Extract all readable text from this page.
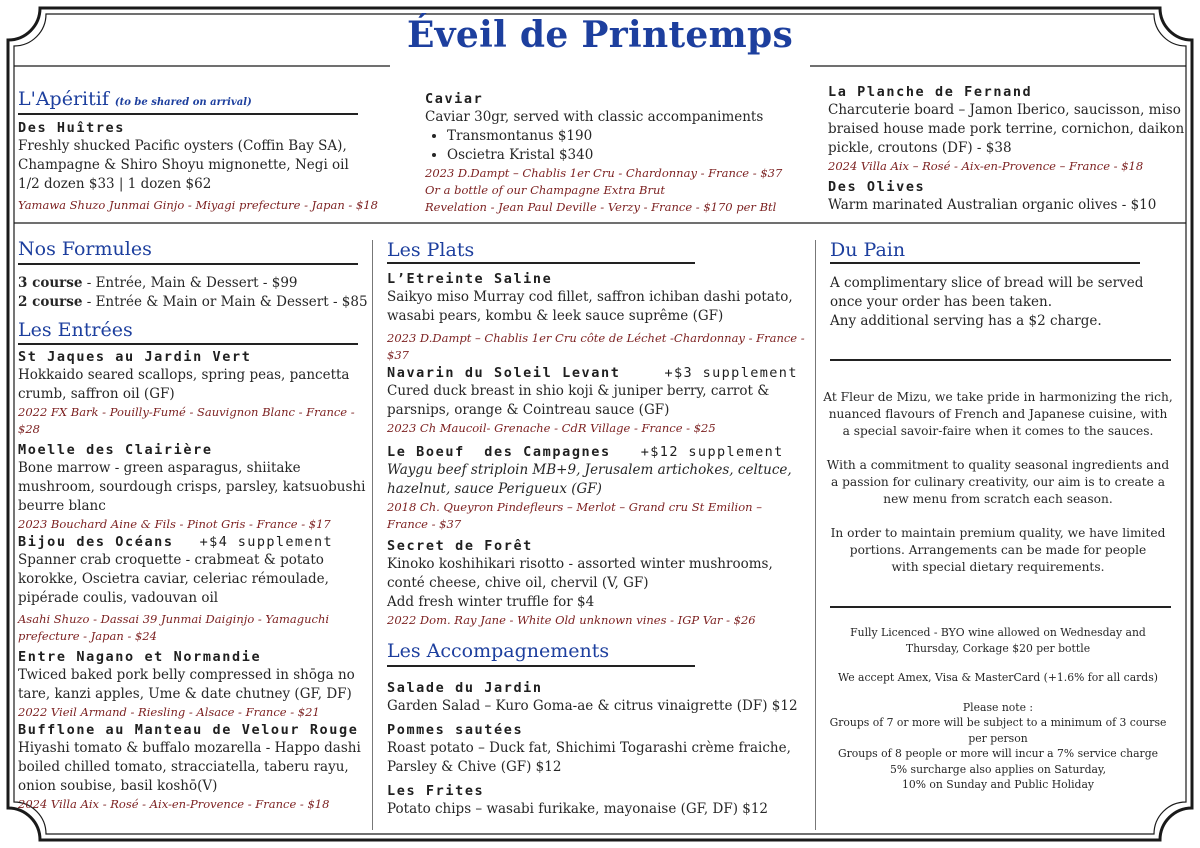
Éveil de Printemps
L'Apéritif (to be shared on arrival)
Des Huîtres
Freshly shucked Pacific oysters (Coffin Bay SA),
Champagne & Shiro Shoyu mignonette, Negi oil
1/2 dozen $33 | 1 dozen $62
Yamawa Shuzo Junmai Ginjo - Miyagi prefecture - Japan - $18
Caviar
Caviar 30gr, served with classic accompaniments
• Transmontanus $190
• Oscietra Kristal $340
2023 D.Dampt – Chablis 1er Cru - Chardonnay - France - $37
Or a bottle of our Champagne Extra Brut
Revelation - Jean Paul Deville - Verzy - France - $170 per Btl
La Planche de Fernand
Charcuterie board – Jamon Iberico, saucisson, miso
braised house made pork terrine, cornichon, daikon
pickle, croutons (DF) - $38
2024 Villa Aix – Rosé - Aix-en-Provence – France - $18
Des Olives
Warm marinated Australian organic olives - $10
Nos Formules
3 course - Entrée, Main & Dessert - $99
2 course - Entrée & Main or Main & Dessert - $85
Les Entrées
St Jaques au Jardin Vert
Hokkaido seared scallops, spring peas, pancetta
crumb, saffron oil (GF)
2022 FX Bark - Pouilly-Fumé - Sauvignon Blanc - France -
$28
Moelle des Clairière
Bone marrow - green asparagus, shiitake
mushroom, sourdough crisps, parsley, katsuobushi
beurre blanc
2023 Bouchard Aine & Fils - Pinot Gris - France - $17
Bijou des Océans +$4 supplement
Spanner crab croquette - crabmeat & potato
korokke, Oscietra caviar, celeriac rémoulade,
pipérade coulis, vadouvan oil
Asahi Shuzo - Dassai 39 Junmai Daiginjo - Yamaguchi
prefecture - Japan - $24
Entre Nagano et Normandie
Twiced baked pork belly compressed in shōga no
tare, kanzi apples, Ume & date chutney (GF, DF)
2022 Vieil Armand - Riesling - Alsace - France - $21
Bufflone au Manteau de Velour Rouge
Hiyashi tomato & buffalo mozarella - Happo dashi
boiled chilled tomato, stracciatella, taberu rayu,
onion soubise, basil koshō(V)
2024 Villa Aix - Rosé - Aix-en-Provence - France - $18
Les Plats
L’Etreinte Saline
Saikyo miso Murray cod fillet, saffron ichiban dashi potato,
wasabi pears, kombu & leek sauce suprême (GF)
2023 D.Dampt – Chablis 1er Cru côte de Léchet -Chardonnay - France -
$37
Navarin du Soleil Levant	+$3 supplement
Cured duck breast in shio koji & juniper berry, carrot &
parsnips, orange & Cointreau sauce (GF)
2023 Ch Maucoil- Grenache - CdR Village - France - $25
Le Boeuf  des Campagnes +$12 supplement
Waygu beef striploin MB+9, Jerusalem artichokes, celtuce,
hazelnut, sauce Perigueux (GF)
2018 Ch. Queyron Pindefleurs – Merlot – Grand cru St Emilion –
France - $37
Secret de Forêt
Kinoko koshihikari risotto - assorted winter mushrooms,
conté cheese, chive oil, chervil (V, GF)
Add fresh winter truffle for $4
2022 Dom. Ray Jane - White Old unknown vines - IGP Var - $26
Les Accompagnements
Salade du Jardin
Garden Salad – Kuro Goma-ae & citrus vinaigrette (DF) $12
Pommes sautées
Roast potato – Duck fat, Shichimi Togarashi crème fraiche,
Parsley & Chive (GF) $12
Les Frites
Potato chips – wasabi furikake, mayonaise (GF, DF) $12
Du Pain
A complimentary slice of bread will be served
once your order has been taken.
Any additional serving has a $2 charge.
At Fleur de Mizu, we take pride in harmonizing the rich,
nuanced flavours of French and Japanese cuisine, with
a special savoir-faire when it comes to the sauces.
With a commitment to quality seasonal ingredients and
a passion for culinary creativity, our aim is to create a
new menu from scratch each season.
In order to maintain premium quality, we have limited
portions. Arrangements can be made for people
with special dietary requirements.
Fully Licenced - BYO wine allowed on Wednesday and
Thursday, Corkage $20 per bottle
We accept Amex, Visa & MasterCard (+1.6% for all cards)
Please note :
Groups of 7 or more will be subject to a minimum of 3 course
per person
Groups of 8 people or more will incur a 7% service charge
5% surcharge also applies on Saturday,
10% on Sunday and Public Holiday
